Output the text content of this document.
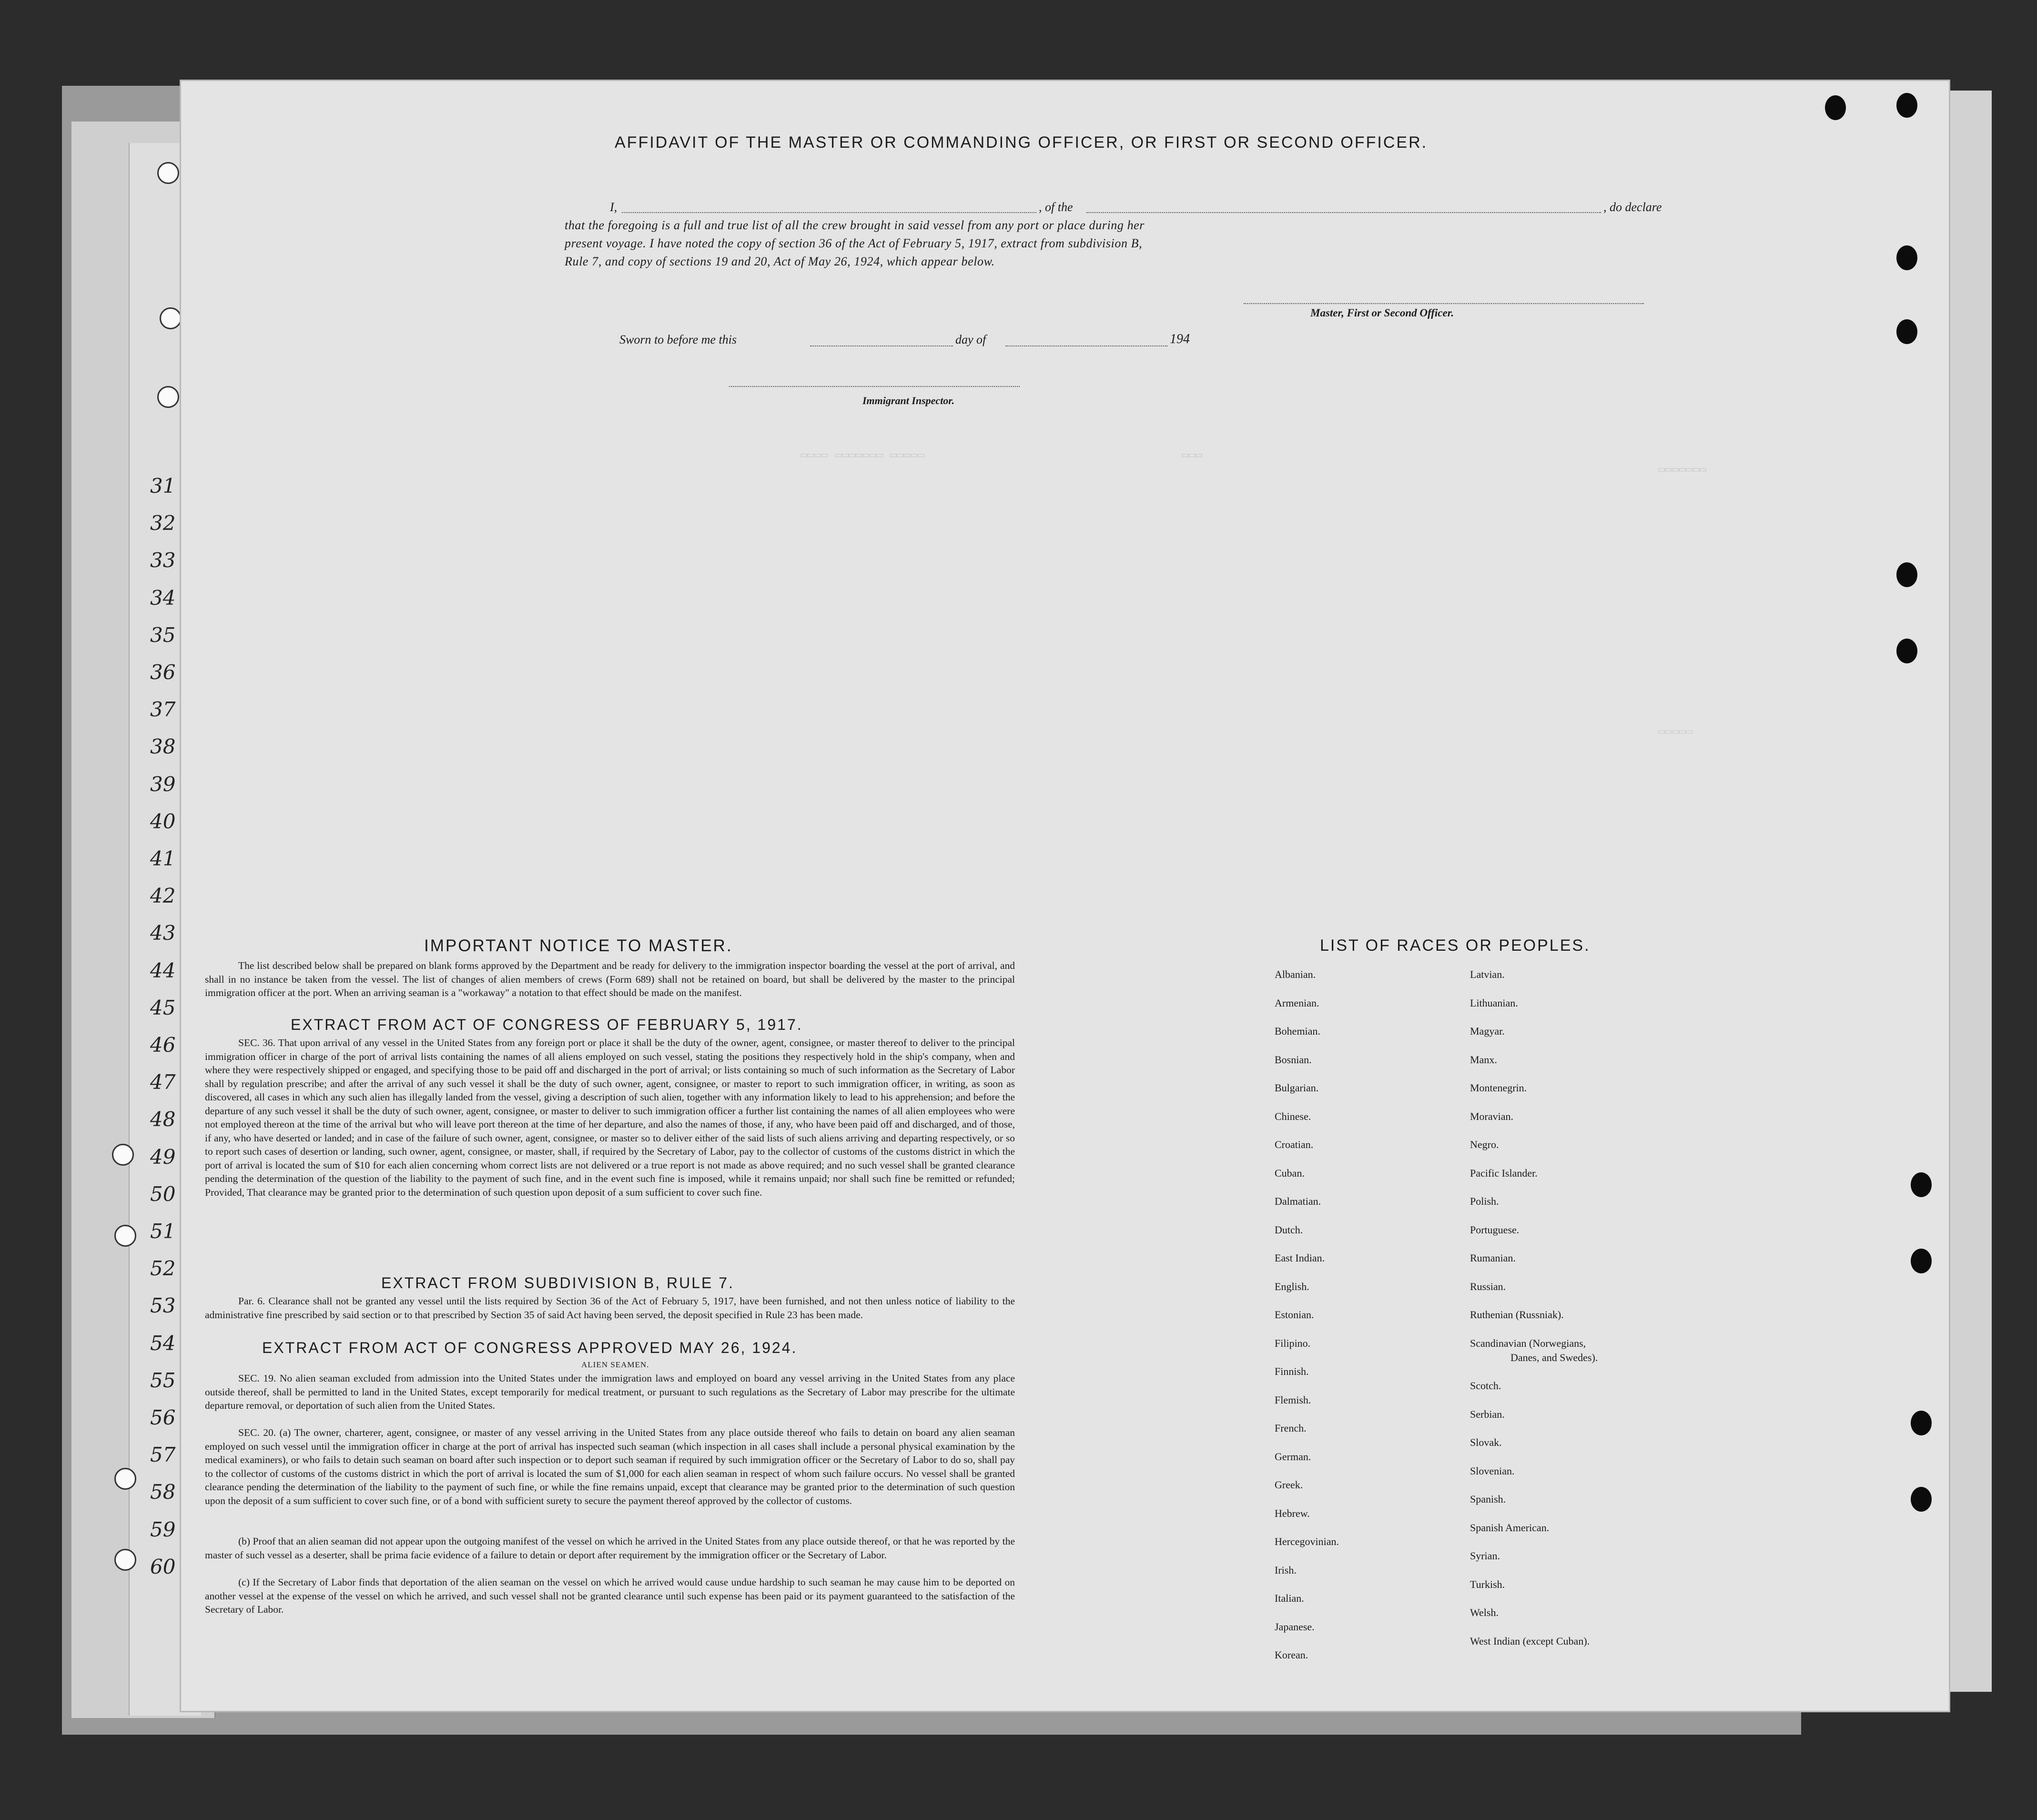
31
32
33
34
35
36
37
38
39
40
41
42
43
44
45
46
47
48
49
50
51
52
53
54
55
56
57
58
59
60
AFFIDAVIT OF THE MASTER OR COMMANDING OFFICER, OR FIRST OR SECOND OFFICER.
I,	, of the	, do declare
that the foregoing is a full and true list of all the crew brought in said vessel from any port or place during her
present voyage. I have noted the copy of section 36 of the Act of February 5, 1917, extract from subdivision B,
Rule 7, and copy of sections 19 and 20, Act of May 26, 1924, which appear below.
Master, First or Second Officer.
Sworn to before me this	day of	194
Immigrant Inspector.
▭▭▭▭ ▭▭▭▭▭▭▭ ▭▭▭▭▭	▭▭▭
▭▭▭▭▭▭▭
▭▭▭▭▭
IMPORTANT NOTICE TO MASTER.
The list described below shall be prepared on blank forms approved by the Department and be ready for delivery to the immigration inspector boarding the vessel at the port of arrival, and shall in no instance be taken from the vessel. The list of changes of alien members of crews (Form 689) shall not be retained on board, but shall be delivered by the master to the principal immigration officer at the port. When an arriving seaman is a "workaway" a notation to that effect should be made on the manifest.
EXTRACT FROM ACT OF CONGRESS OF FEBRUARY 5, 1917.
SEC. 36. That upon arrival of any vessel in the United States from any foreign port or place it shall be the duty of the owner, agent, consignee, or master thereof to deliver to the principal immigration officer in charge of the port of arrival lists containing the names of all aliens employed on such vessel, stating the positions they respectively hold in the ship's company, when and where they were respectively shipped or engaged, and specifying those to be paid off and discharged in the port of arrival; or lists containing so much of such information as the Secretary of Labor shall by regulation prescribe; and after the arrival of any such vessel it shall be the duty of such owner, agent, consignee, or master to report to such immigration officer, in writing, as soon as discovered, all cases in which any such alien has illegally landed from the vessel, giving a description of such alien, together with any information likely to lead to his apprehension; and before the departure of any such vessel it shall be the duty of such owner, agent, consignee, or master to deliver to such immigration officer a further list containing the names of all alien employees who were not employed thereon at the time of the arrival but who will leave port thereon at the time of her departure, and also the names of those, if any, who have been paid off and discharged, and of those, if any, who have deserted or landed; and in case of the failure of such owner, agent, consignee, or master so to deliver either of the said lists of such aliens arriving and departing respectively, or so to report such cases of desertion or landing, such owner, agent, consignee, or master, shall, if required by the Secretary of Labor, pay to the collector of customs of the customs district in which the port of arrival is located the sum of $10 for each alien concerning whom correct lists are not delivered or a true report is not made as above required; and no such vessel shall be granted clearance pending the determination of the question of the liability to the payment of such fine, and in the event such fine is imposed, while it remains unpaid; nor shall such fine be remitted or refunded; Provided, That clearance may be granted prior to the determination of such question upon deposit of a sum sufficient to cover such fine.
EXTRACT FROM SUBDIVISION B, RULE 7.
Par. 6. Clearance shall not be granted any vessel until the lists required by Section 36 of the Act of February 5, 1917, have been furnished, and not then unless notice of liability to the administrative fine prescribed by said section or to that prescribed by Section 35 of said Act having been served, the deposit specified in Rule 23 has been made.
EXTRACT FROM ACT OF CONGRESS APPROVED MAY 26, 1924.
ALIEN SEAMEN.
SEC. 19. No alien seaman excluded from admission into the United States under the immigration laws and employed on board any vessel arriving in the United States from any place outside thereof, shall be permitted to land in the United States, except temporarily for medical treatment, or pursuant to such regulations as the Secretary of Labor may prescribe for the ultimate departure removal, or deportation of such alien from the United States.
SEC. 20. (a) The owner, charterer, agent, consignee, or master of any vessel arriving in the United States from any place outside thereof who fails to detain on board any alien seaman employed on such vessel until the immigration officer in charge at the port of arrival has inspected such seaman (which inspection in all cases shall include a personal physical examination by the medical examiners), or who fails to detain such seaman on board after such inspection or to deport such seaman if required by such immigration officer or the Secretary of Labor to do so, shall pay to the collector of customs of the customs district in which the port of arrival is located the sum of $1,000 for each alien seaman in respect of whom such failure occurs. No vessel shall be granted clearance pending the determination of the liability to the payment of such fine, or while the fine remains unpaid, except that clearance may be granted prior to the determination of such question upon the deposit of a sum sufficient to cover such fine, or of a bond with sufficient surety to secure the payment thereof approved by the collector of customs.
(b) Proof that an alien seaman did not appear upon the outgoing manifest of the vessel on which he arrived in the United States from any place outside thereof, or that he was reported by the master of such vessel as a deserter, shall be prima facie evidence of a failure to detain or deport after requirement by the immigration officer or the Secretary of Labor.
(c) If the Secretary of Labor finds that deportation of the alien seaman on the vessel on which he arrived would cause undue hardship to such seaman he may cause him to be deported on another vessel at the expense of the vessel on which he arrived, and such vessel shall not be granted clearance until such expense has been paid or its payment guaranteed to the satisfaction of the Secretary of Labor.
LIST OF RACES OR PEOPLES.
Albanian.
Armenian.
Bohemian.
Bosnian.
Bulgarian.
Chinese.
Croatian.
Cuban.
Dalmatian.
Dutch.
East Indian.
English.
Estonian.
Filipino.
Finnish.
Flemish.
French.
German.
Greek.
Hebrew.
Hercegovinian.
Irish.
Italian.
Japanese.
Korean.
Latvian.
Lithuanian.
Magyar.
Manx.
Montenegrin.
Moravian.
Negro.
Pacific Islander.
Polish.
Portuguese.
Rumanian.
Russian.
Ruthenian (Russniak).
Scandinavian (Norwegians,
Scotch.
Serbian.
Slovak.
Slovenian.
Spanish.
Spanish American.
Syrian.
Turkish.
Welsh.
West Indian (except Cuban).
Danes, and Swedes).
